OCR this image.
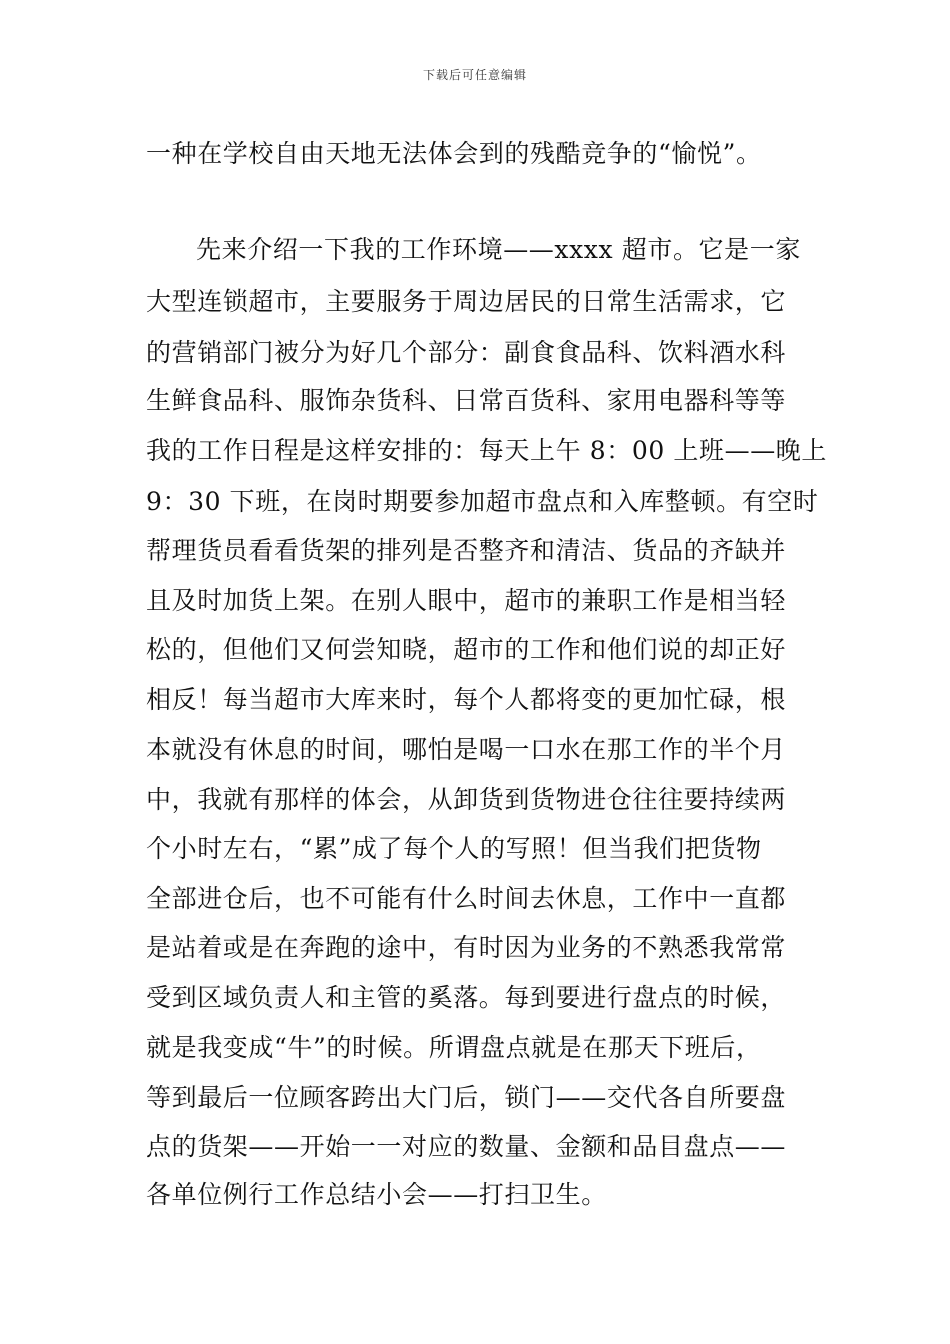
下载后可任意编辑
一种在学校自由天地无法体会到的残酷竞争的“愉悦”。
先来介绍一下我的工作环境——xxxx 超市。它是一家
大型连锁超市，主要服务于周边居民的日常生活需求，它
的营销部门被分为好几个部分：副食食品科、饮料酒水科
生鲜食品科、服饰杂货科、日常百货科、家用电器科等等
我的工作日程是这样安排的：每天上午 8：00 上班——晚上
9：30 下班，在岗时期要参加超市盘点和入库整顿。有空时
帮理货员看看货架的排列是否整齐和清洁、货品的齐缺并
且及时加货上架。在别人眼中，超市的兼职工作是相当轻
松的，但他们又何尝知晓，超市的工作和他们说的却正好
相反！每当超市大库来时，每个人都将变的更加忙碌，根
本就没有休息的时间，哪怕是喝一口水在那工作的半个月
中，我就有那样的体会，从卸货到货物进仓往往要持续两
个小时左右，“累”成了每个人的写照！但当我们把货物
全部进仓后，也不可能有什么时间去休息，工作中一直都
是站着或是在奔跑的途中，有时因为业务的不熟悉我常常
受到区域负责人和主管的奚落。每到要进行盘点的时候，
就是我变成“牛”的时候。所谓盘点就是在那天下班后，
等到最后一位顾客跨出大门后，锁门——交代各自所要盘
点的货架——开始一一对应的数量、金额和品目盘点——
各单位例行工作总结小会——打扫卫生。
